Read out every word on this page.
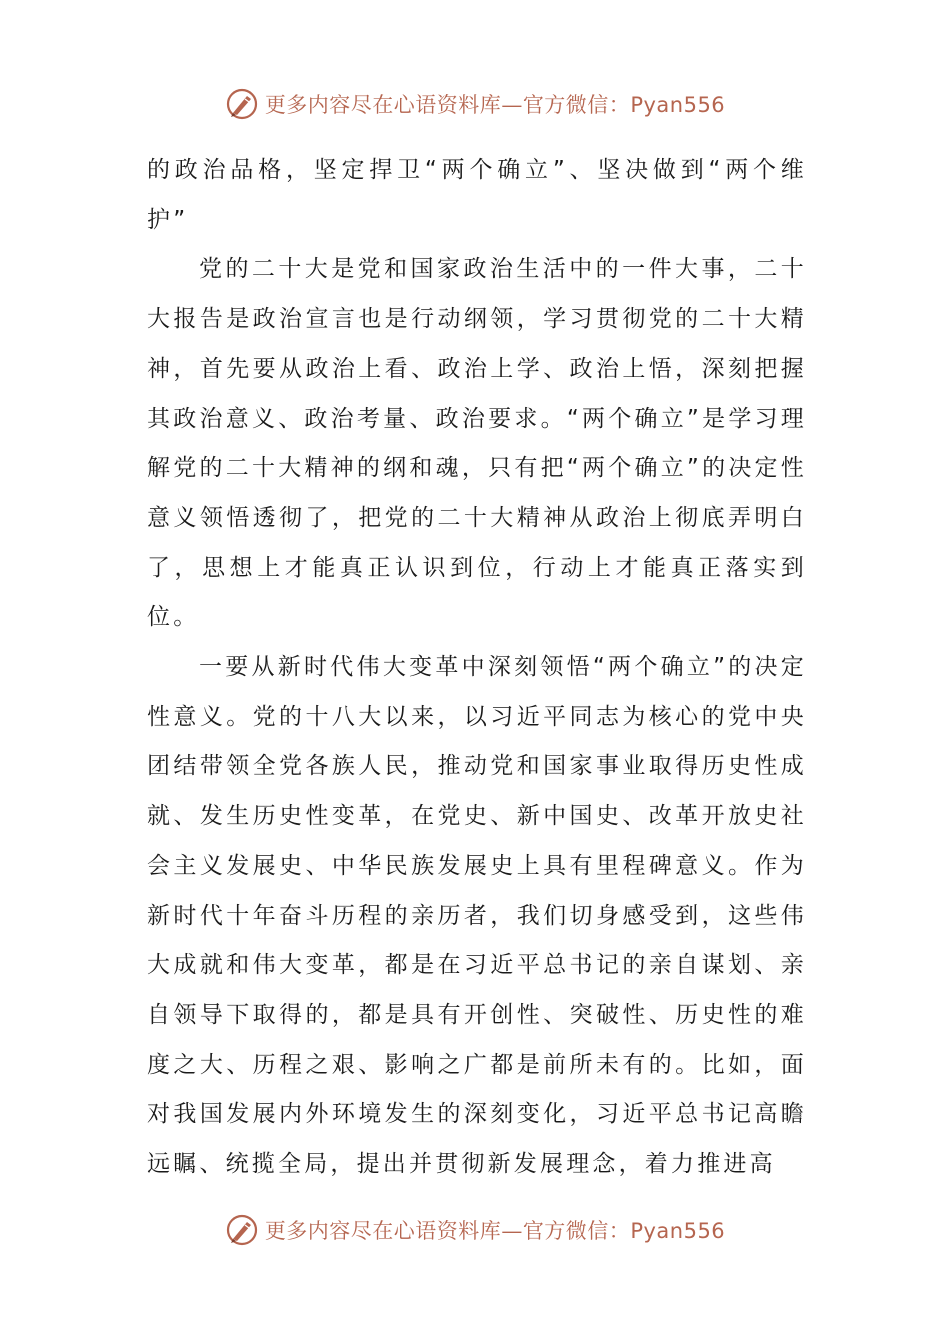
更多内容尽在心语资料库—官方微信：Pyan556

的政治品格，坚定捍卫“两个确立”、坚决做到“两个维护”

党的二十大是党和国家政治生活中的一件大事，二十大报告是政治宣言也是行动纲领，学习贯彻党的二十大精神，首先要从政治上看、政治上学、政治上悟，深刻把握其政治意义、政治考量、政治要求。“两个确立”是学习理解党的二十大精神的纲和魂，只有把“两个确立”的决定性意义领悟透彻了，把党的二十大精神从政治上彻底弄明白了，思想上才能真正认识到位，行动上才能真正落实到位。

一要从新时代伟大变革中深刻领悟“两个确立”的决定性意义。党的十八大以来，以习近平同志为核心的党中央团结带领全党各族人民，推动党和国家事业取得历史性成就、发生历史性变革，在党史、新中国史、改革开放史社会主义发展史、中华民族发展史上具有里程碑意义。作为新时代十年奋斗历程的亲历者，我们切身感受到，这些伟大成就和伟大变革，都是在习近平总书记的亲自谋划、亲自领导下取得的，都是具有开创性、突破性、历史性的难度之大、历程之艰、影响之广都是前所未有的。比如，面对我国发展内外环境发生的深刻变化，习近平总书记高瞻远瞩、统揽全局，提出并贯彻新发展理念，着力推进高

更多内容尽在心语资料库—官方微信：Pyan556
